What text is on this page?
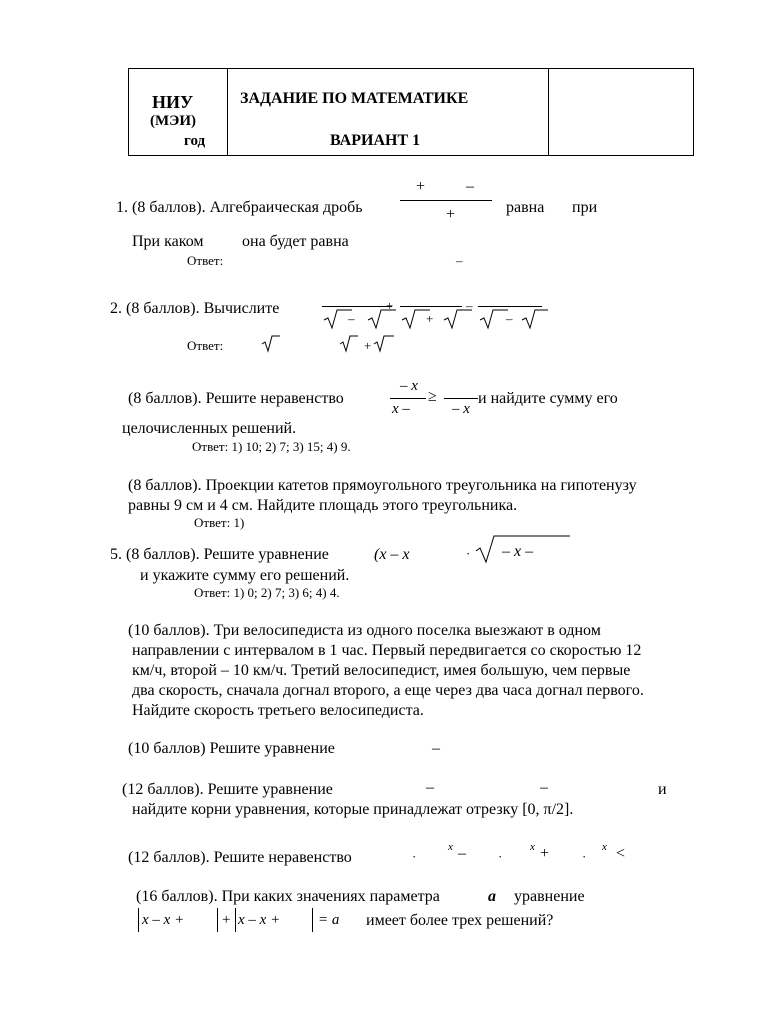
НИУ
(МЭИ)
год
ЗАДАНИЕ ПО МАТЕМАТИКЕ
ВАРИАНТ 1
1. (8 баллов). Алгебраическая дробь
+	–
+	равна при
При каком она будет равна
Ответ:	–
2. (8 баллов). Вычислите	+	–
–	+	–
Ответ:	+
(8 баллов). Решите неравенство
– x
x –
≥
– x
и найдите сумму его
целочисленных решений.
Ответ: 1) 10; 2) 7; 3) 15; 4) 9.
(8 баллов). Проекции катетов прямоугольного треугольника на гипотенузу
равны 9 см и 4 см. Найдите площадь этого треугольника.
Ответ: 1)
5. (8 баллов). Решите уравнение	(x – x	· – x –
и укажите сумму его решений.
Ответ: 1) 0; 2) 7; 3) 6; 4) 4.
(10 баллов). Три велосипедиста из одного поселка выезжают в одном
направлении с интервалом в 1 час. Первый передвигается со скоростью 12
км/ч, второй – 10 км/ч. Третий велосипедист, имея большую, чем первые
два скорость, сначала догнал второго, а еще через два часа догнал первого.
Найдите скорость третьего велосипедиста.
(10 баллов) Решите уравнение	–
(12 баллов). Решите уравнение	–	–	и
найдите корни уравнения, которые принадлежат отрезку [0, π/2].
(12 баллов). Решите неравенство	·
x – ·
x +	·
x <
(16 баллов). При каких значениях параметра	a уравнение
x – x +	+ x – x +	= a имеет более трех решений?
